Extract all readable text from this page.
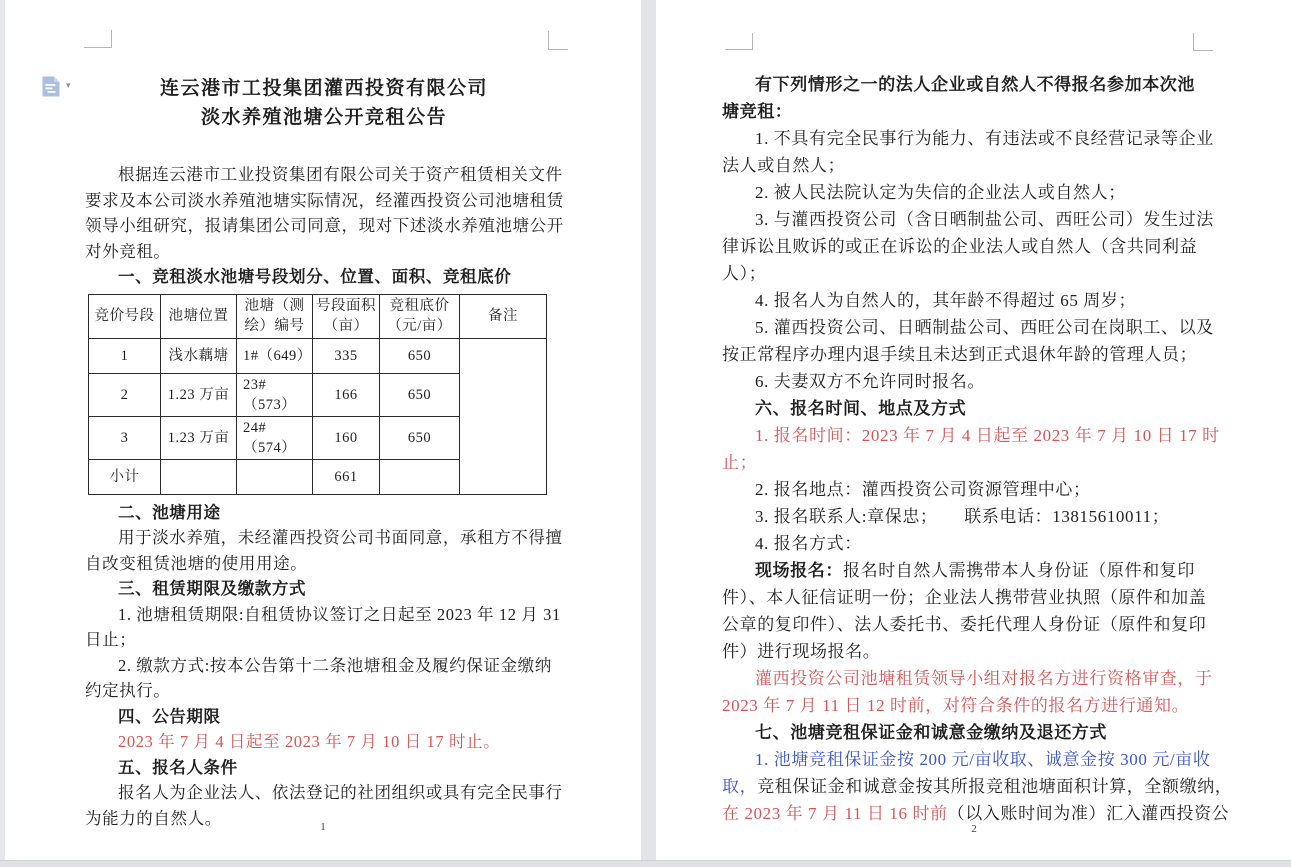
▾	连云港市工投集团灌西投资有限公司
淡水养殖池塘公开竞租公告
根据连云港市工业投资集团有限公司关于资产租赁相关文件
要求及本公司淡水养殖池塘实际情况，经灌西投资公司池塘租赁
领导小组研究，报请集团公司同意，现对下述淡水养殖池塘公开
对外竞租。
一、竞租淡水池塘号段划分、位置、面积、竞租底价
竞价号段	池塘位置	池塘（测绘）编号	号段面积（亩）	竞租底价（元/亩）	备注
1	浅水藕塘	1#（649）	335	650	
2	1.23 万亩	23#（573）	166	650	
3	1.23 万亩	24#（574）	160	650	
小计			661		
二、池塘用途
用于淡水养殖，未经灌西投资公司书面同意，承租方不得擅
自改变租赁池塘的使用用途。
三、租赁期限及缴款方式
1. 池塘租赁期限:自租赁协议签订之日起至 2023 年 12 月 31
日止；
2. 缴款方式:按本公告第十二条池塘租金及履约保证金缴纳
约定执行。
四、公告期限
2023 年 7 月 4 日起至 2023 年 7 月 10 日 17 时止。
五、报名人条件
报名人为企业法人、依法登记的社团组织或具有完全民事行
为能力的自然人。	1
有下列情形之一的法人企业或自然人不得报名参加本次池
塘竞租：
1. 不具有完全民事行为能力、有违法或不良经营记录等企业
法人或自然人；
2. 被人民法院认定为失信的企业法人或自然人；
3. 与灌西投资公司（含日晒制盐公司、西旺公司）发生过法
律诉讼且败诉的或正在诉讼的企业法人或自然人（含共同利益
人）；
4. 报名人为自然人的，其年龄不得超过 65 周岁；
5. 灌西投资公司、日晒制盐公司、西旺公司在岗职工、以及
按正常程序办理内退手续且未达到正式退休年龄的管理人员；
6. 夫妻双方不允许同时报名。
六、报名时间、地点及方式
1. 报名时间：2023 年 7 月 4 日起至 2023 年 7 月 10 日 17 时
止；
2. 报名地点：灌西投资公司资源管理中心；
3. 报名联系人:章保忠；　　联系电话：13815610011；
4. 报名方式：
现场报名：报名时自然人需携带本人身份证（原件和复印
件）、本人征信证明一份；企业法人携带营业执照（原件和加盖
公章的复印件）、法人委托书、委托代理人身份证（原件和复印
件）进行现场报名。
灌西投资公司池塘租赁领导小组对报名方进行资格审查，于
2023 年 7 月 11 日 12 时前，对符合条件的报名方进行通知。
七、池塘竞租保证金和诚意金缴纳及退还方式
1. 池塘竞租保证金按 200 元/亩收取、诚意金按 300 元/亩收
取，竞租保证金和诚意金按其所报竞租池塘面积计算，全额缴纳，
在 2023 年 7 月 11 日 16 时前（以入账时间为准）汇入灌西投资公
2
